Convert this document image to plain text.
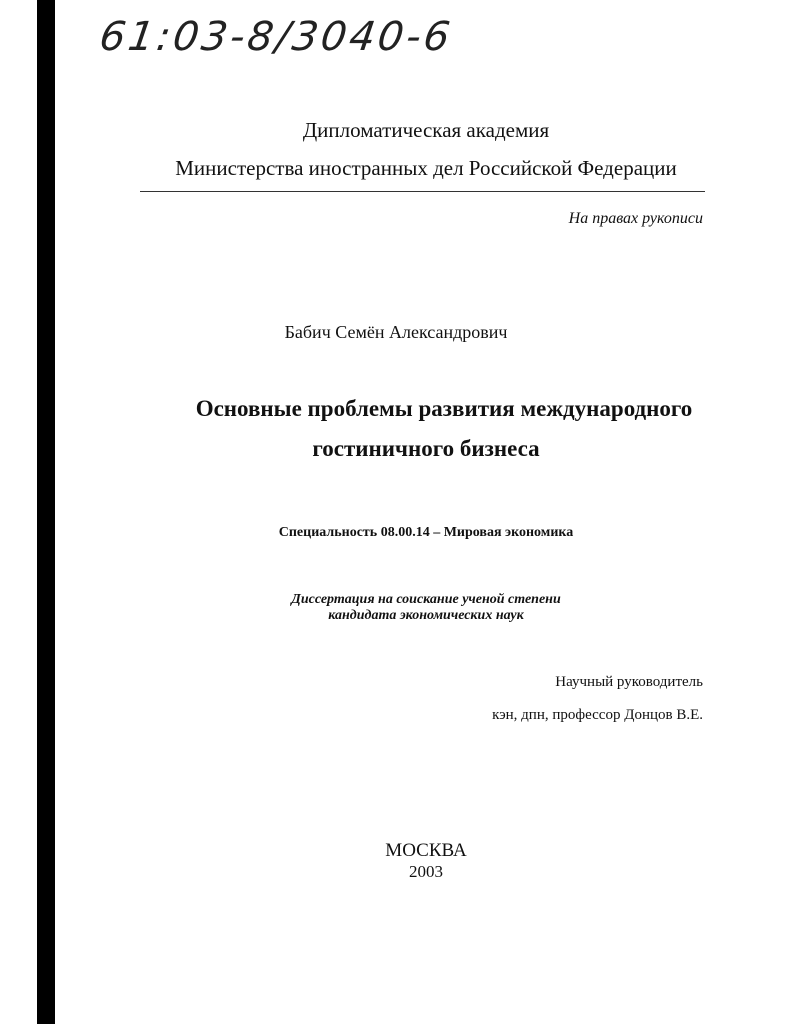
61:03-8/3040-6
Дипломатическая академия
Министерства иностранных дел Российской Федерации
На правах рукописи
Бабич Семён Александрович
Основные проблемы развития международного
гостиничного бизнеса
Специальность 08.00.14 – Мировая экономика
Диссертация на соискание ученой степени
кандидата экономических наук
Научный руководитель
кэн, дпн, профессор Донцов В.Е.
МОСКВА
2003
